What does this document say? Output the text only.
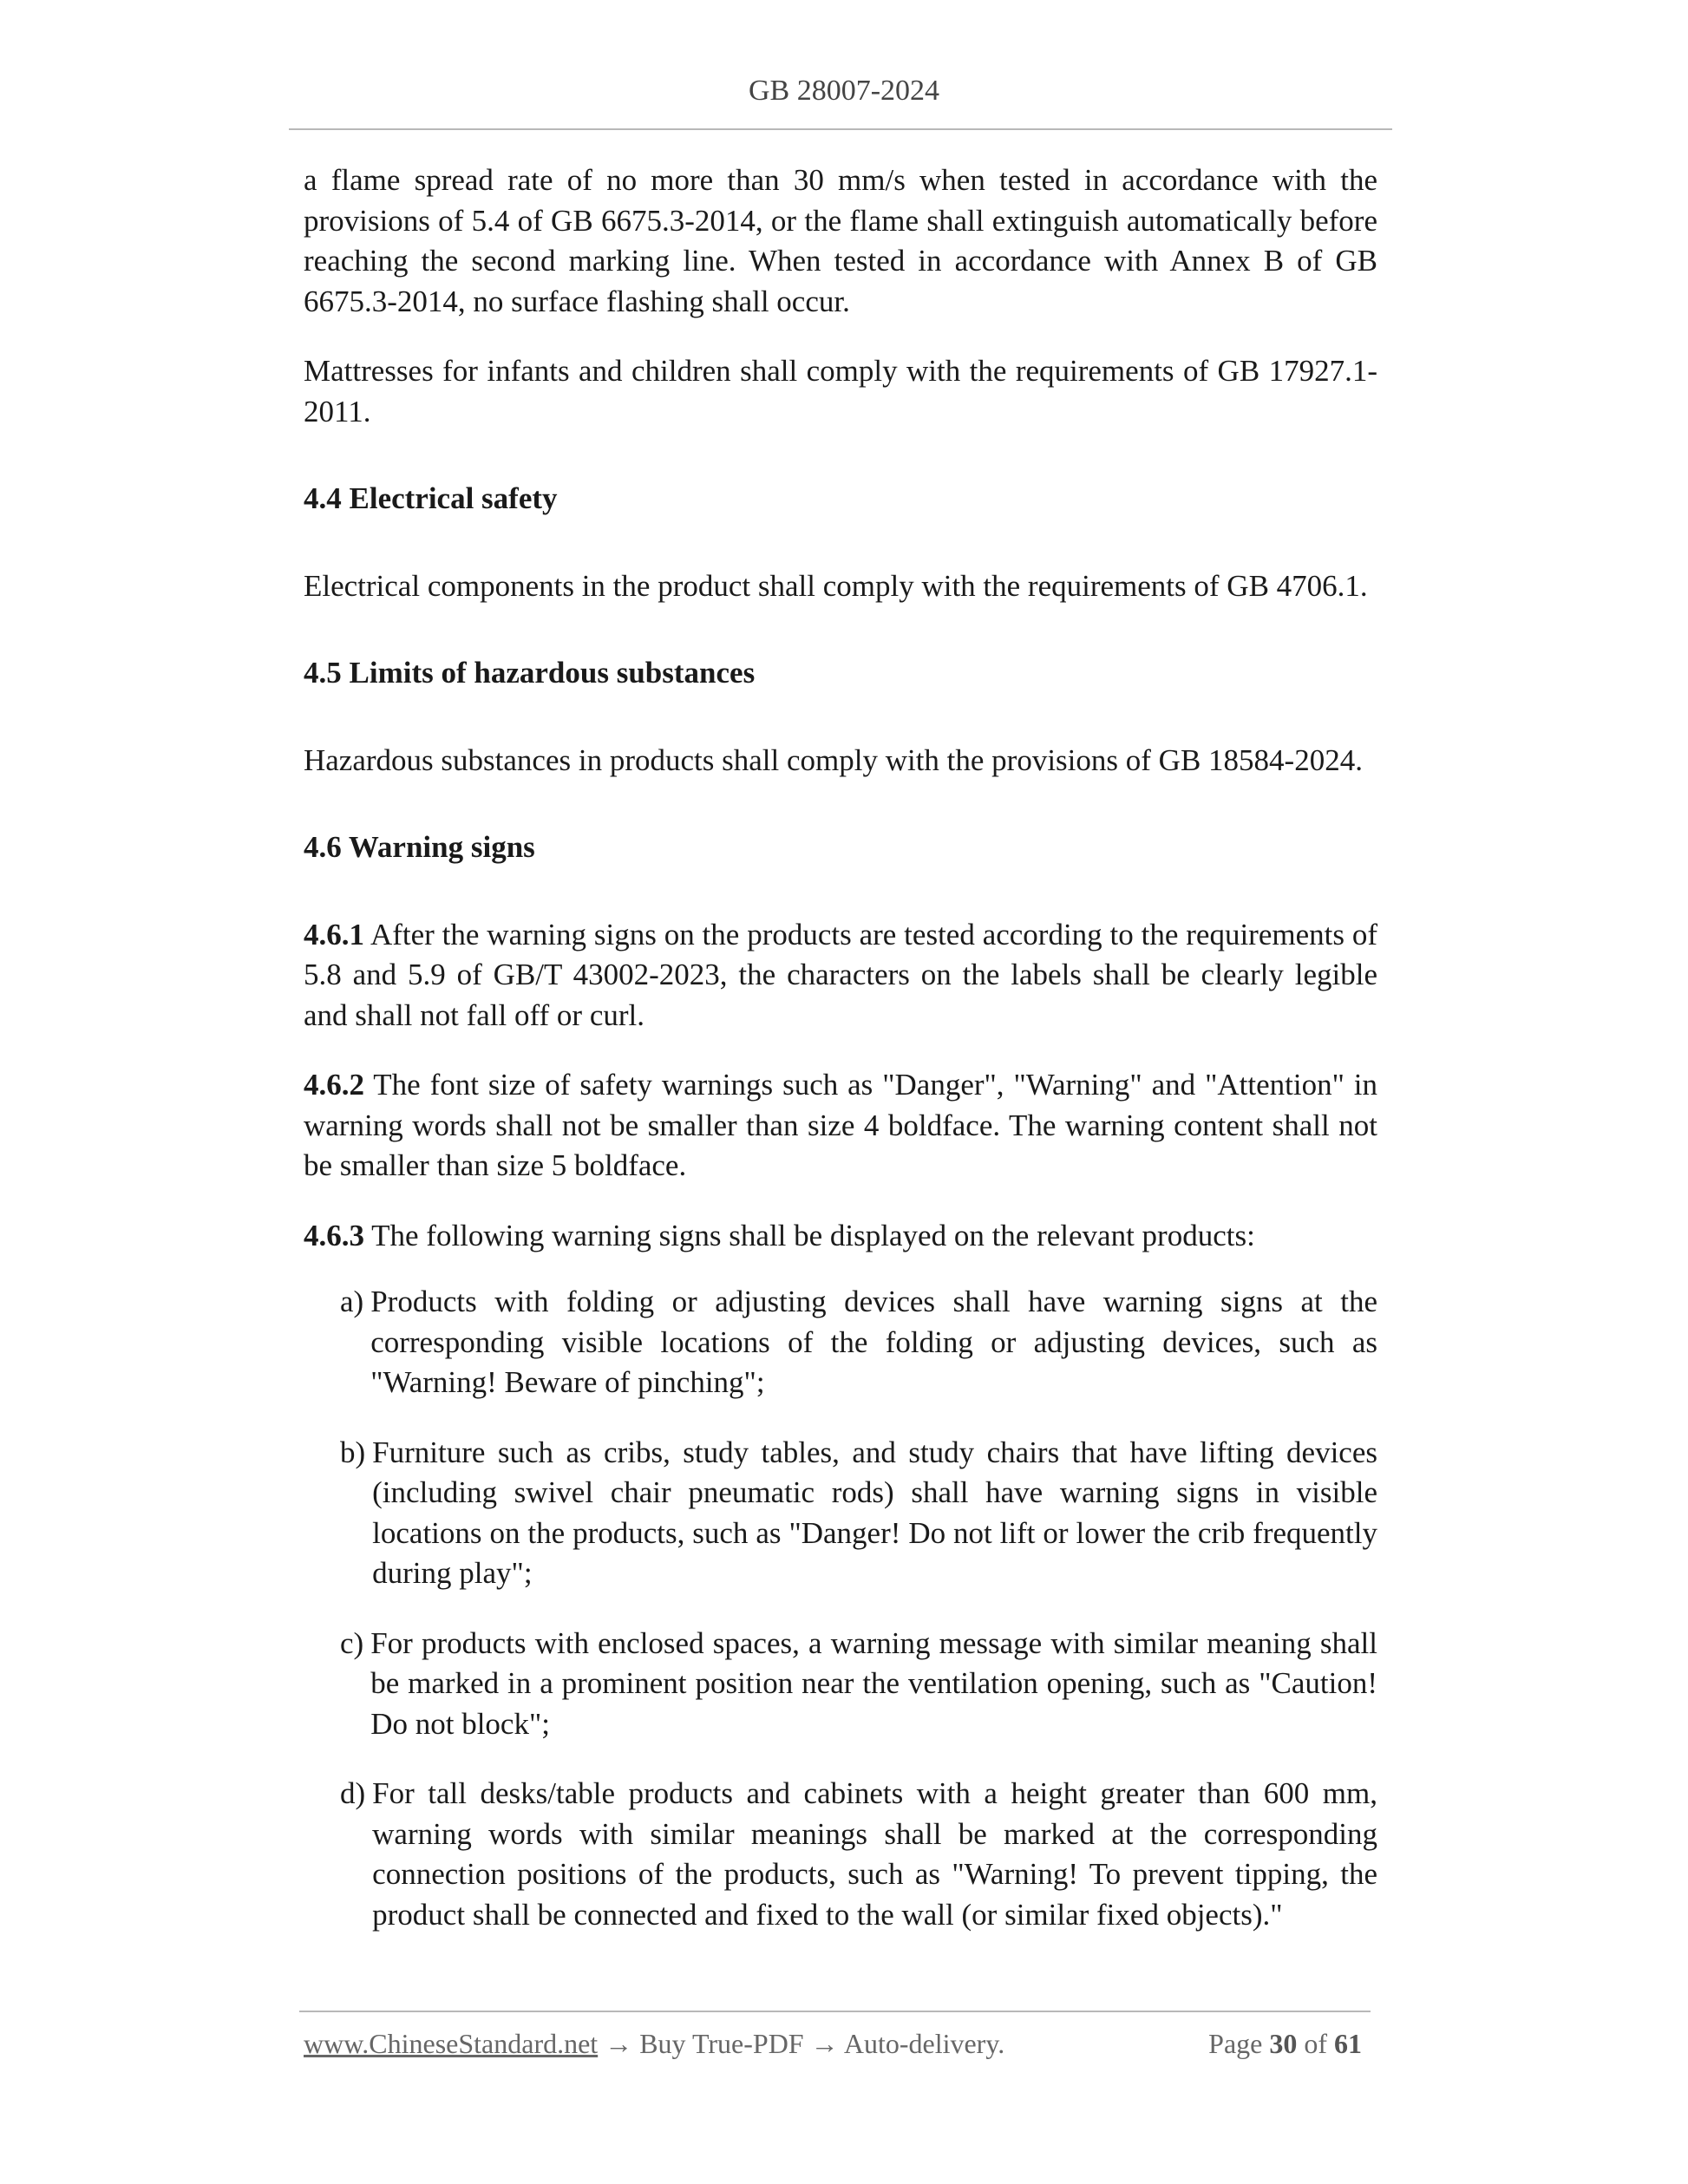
GB 28007-2024

a flame spread rate of no more than 30 mm/s when tested in accordance with the provisions of 5.4 of GB 6675.3-2014, or the flame shall extinguish automatically before reaching the second marking line. When tested in accordance with Annex B of GB 6675.3-2014, no surface flashing shall occur.

Mattresses for infants and children shall comply with the requirements of GB 17927.1-2011.

4.4 Electrical safety

Electrical components in the product shall comply with the requirements of GB 4706.1.

4.5 Limits of hazardous substances

Hazardous substances in products shall comply with the provisions of GB 18584-2024.

4.6 Warning signs

4.6.1 After the warning signs on the products are tested according to the requirements of 5.8 and 5.9 of GB/T 43002-2023, the characters on the labels shall be clearly legible and shall not fall off or curl.

4.6.2 The font size of safety warnings such as "Danger", "Warning" and "Attention" in warning words shall not be smaller than size 4 boldface. The warning content shall not be smaller than size 5 boldface.

4.6.3 The following warning signs shall be displayed on the relevant products:

a) Products with folding or adjusting devices shall have warning signs at the corresponding visible locations of the folding or adjusting devices, such as "Warning! Beware of pinching";
b) Furniture such as cribs, study tables, and study chairs that have lifting devices (including swivel chair pneumatic rods) shall have warning signs in visible locations on the products, such as "Danger! Do not lift or lower the crib frequently during play";
c) For products with enclosed spaces, a warning message with similar meaning shall be marked in a prominent position near the ventilation opening, such as "Caution! Do not block";
d) For tall desks/table products and cabinets with a height greater than 600 mm, warning words with similar meanings shall be marked at the corresponding connection positions of the products, such as "Warning! To prevent tipping, the product shall be connected and fixed to the wall (or similar fixed objects)."
www.ChineseStandard.net → Buy True-PDF → Auto-delivery.	Page 30 of 61
